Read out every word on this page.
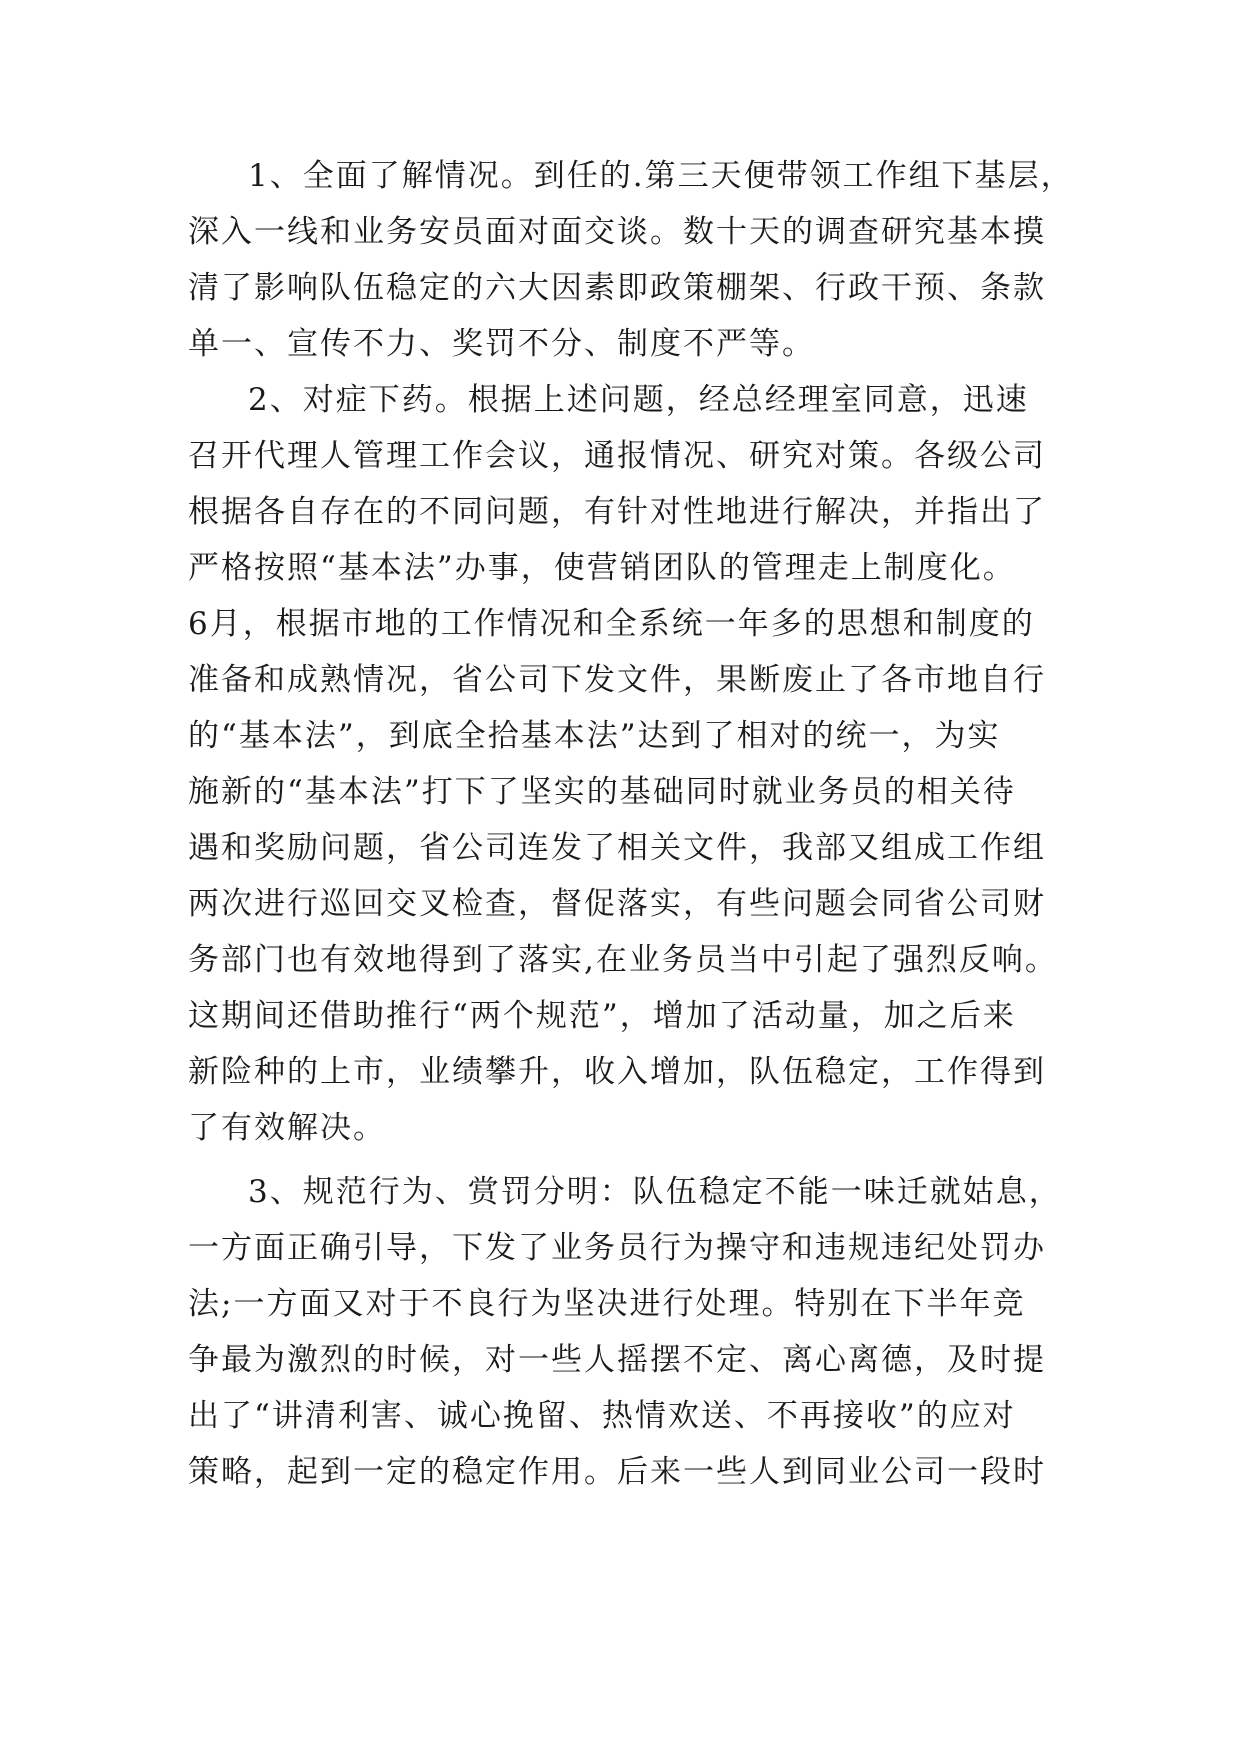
1、全面了解情况。到任的.第三天便带领工作组下基层，
深入一线和业务安员面对面交谈。数十天的调查研究基本摸
清了影响队伍稳定的六大因素即政策棚架、行政干预、条款
单一、宣传不力、奖罚不分、制度不严等。
2、对症下药。根据上述问题，经总经理室同意，迅速
召开代理人管理工作会议，通报情况、研究对策。各级公司
根据各自存在的不同问题，有针对性地进行解决，并指出了
严格按照“基本法”办事，使营销团队的管理走上制度化。
6月，根据市地的工作情况和全系统一年多的思想和制度的
准备和成熟情况，省公司下发文件，果断废止了各市地自行
的“基本法”，到底全拾基本法”达到了相对的统一，为实
施新的“基本法”打下了坚实的基础同时就业务员的相关待
遇和奖励问题，省公司连发了相关文件，我部又组成工作组
两次进行巡回交叉检查，督促落实，有些问题会同省公司财
务部门也有效地得到了落实,在业务员当中引起了强烈反响。
这期间还借助推行“两个规范”，增加了活动量，加之后来
新险种的上市，业绩攀升，收入增加，队伍稳定，工作得到
了有效解决。
3、规范行为、赏罚分明：队伍稳定不能一味迁就姑息，
一方面正确引导，下发了业务员行为操守和违规违纪处罚办
法;一方面又对于不良行为坚决进行处理。特别在下半年竞
争最为激烈的时候，对一些人摇摆不定、离心离德，及时提
出了“讲清利害、诚心挽留、热情欢送、不再接收”的应对
策略，起到一定的稳定作用。后来一些人到同业公司一段时
